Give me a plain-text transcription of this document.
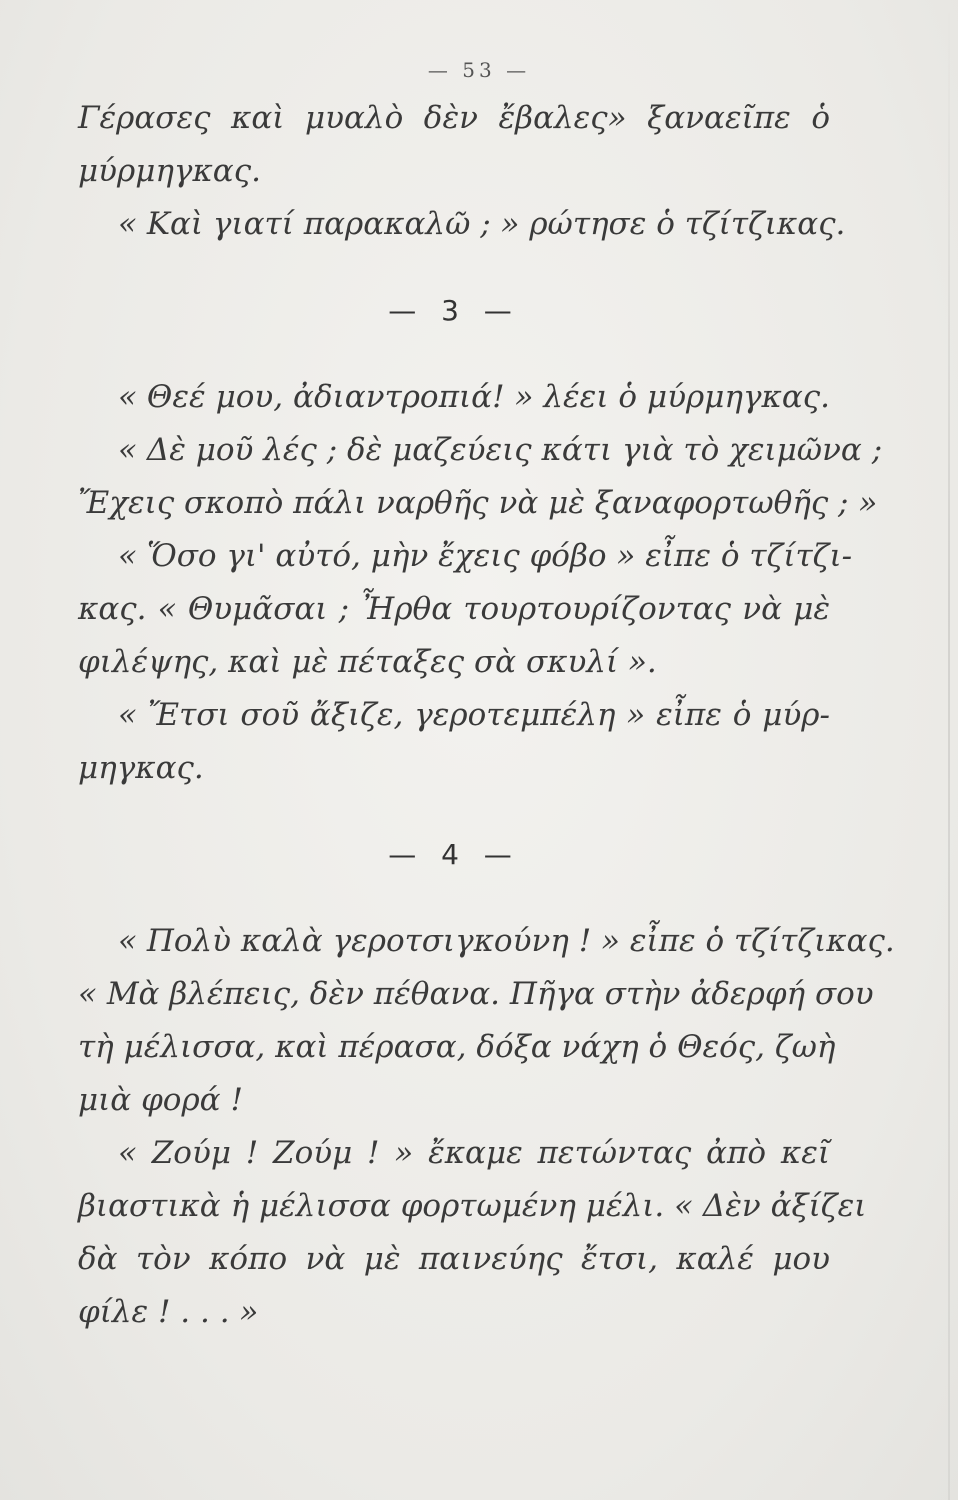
— 53 —
Γέρασες καὶ μυαλὸ δὲν ἔβαλες» ξαναεῖπε ὁ
μύρμηγκας.
« Καὶ γιατί παρακαλῶ ; » ρώτησε ὁ τζίτζικας.
— 3 —
« Θεέ μου, ἀδιαντροπιά! » λέει ὁ μύρμηγκας.
« Δὲ μοῦ λές ; δὲ μαζεύεις κάτι γιὰ τὸ χειμῶνα ;
Ἔχεις σκοπὸ πάλι ναρθῆς νὰ μὲ ξαναφορτωθῆς ; »
« Ὅσο γι' αὐτό, μὴν ἔχεις φόβο » εἶπε ὁ τζίτζι-
κας. « Θυμᾶσαι ; Ἦρθα τουρτουρίζοντας νὰ μὲ
φιλέψης, καὶ μὲ πέταξες σὰ σκυλί ».
« Ἔτσι σοῦ ἄξιζε, γεροτεμπέλη » εἶπε ὁ μύρ-
μηγκας.
— 4 —
« Πολὺ καλὰ γεροτσιγκούνη ! » εἶπε ὁ τζίτζικας.
« Μὰ βλέπεις, δὲν πέθανα. Πῆγα στὴν ἀδερφή σου
τὴ μέλισσα, καὶ πέρασα, δόξα νάχη ὁ Θεός, ζωὴ
μιὰ φορά !
« Ζούμ ! Ζούμ ! » ἔκαμε πετώντας ἀπὸ κεῖ
βιαστικὰ ἡ μέλισσα φορτωμένη μέλι. « Δὲν ἀξίζει
δὰ τὸν κόπο νὰ μὲ παινεύης ἔτσι, καλέ μου
φίλε ! . . . »
